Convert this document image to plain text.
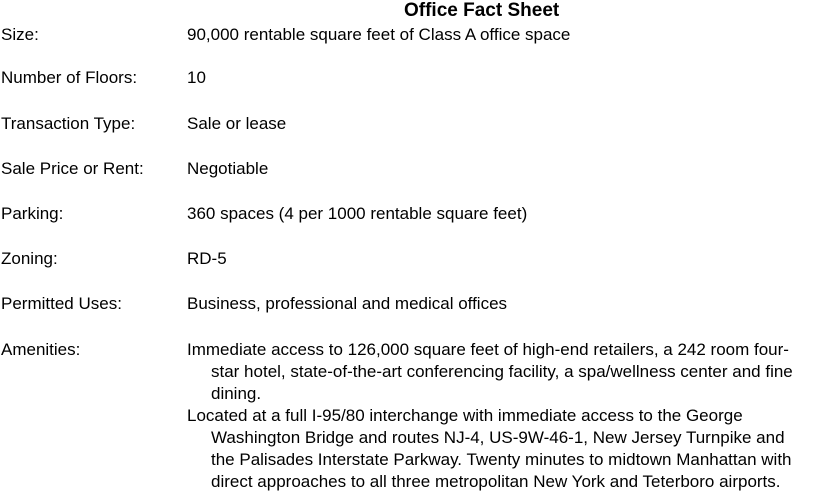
Office Fact Sheet
Size:	90,000 rentable square feet of Class A office space
Number of Floors:	10
Transaction Type:	Sale or lease
Sale Price or Rent:	Negotiable
Parking:	360 spaces (4 per 1000 rentable square feet)
Zoning:	RD-5
Permitted Uses:	Business, professional and medical offices
Amenities:	Immediate access to 126,000 square feet of high-end retailers, a 242 room four-
star hotel, state-of-the-art conferencing facility, a spa/wellness center and fine
dining.
Located at a full I-95/80 interchange with immediate access to the George
Washington Bridge and routes NJ-4, US-9W-46-1, New Jersey Turnpike and
the Palisades Interstate Parkway. Twenty minutes to midtown Manhattan with
direct approaches to all three metropolitan New York and Teterboro airports.
